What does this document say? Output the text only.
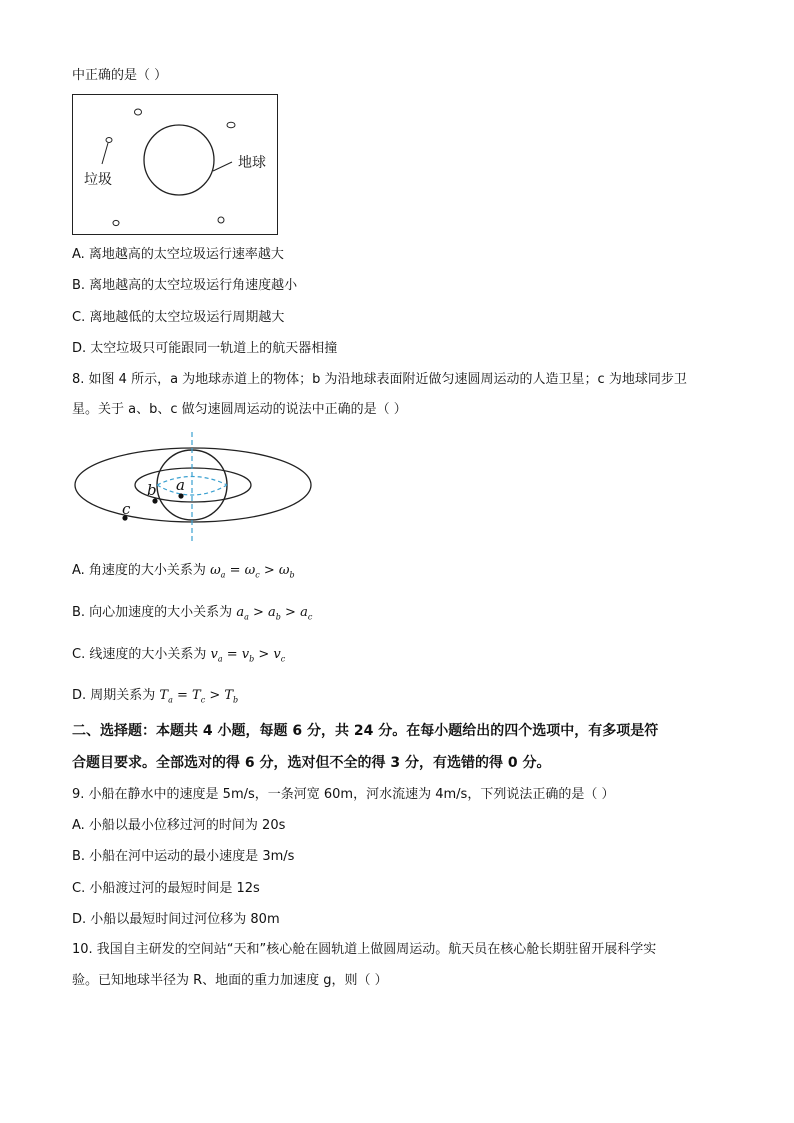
中正确的是（ ）
垃圾
地球
A. 离地越高的太空垃圾运行速率越大
B. 离地越高的太空垃圾运行角速度越小
C. 离地越低的太空垃圾运行周期越大
D. 太空垃圾只可能跟同一轨道上的航天器相撞
8. 如图 4 所示，a 为地球赤道上的物体；b 为沿地球表面附近做匀速圆周运动的人造卫星；c 为地球同步卫
星。关于 a、b、c 做匀速圆周运动的说法中正确的是（ ）
a
b
c
A. 角速度的大小关系为 $\omega_a = \omega_c > \omega_b$
B. 向心加速度的大小关系为 $a_a > a_b > a_c$
C. 线速度的大小关系为 $v_a = v_b > v_c$
D. 周期关系为 $T_a = T_c > T_b$
二、选择题：本题共 4 小题，每题 6 分，共 24 分。在每小题给出的四个选项中，有多项是符
合题目要求。全部选对的得 6 分，选对但不全的得 3 分，有选错的得 0 分。
9. 小船在静水中的速度是 5m/s，一条河宽 60m，河水流速为 4m/s，下列说法正确的是（ ）
A. 小船以最小位移过河的时间为 20s
B. 小船在河中运动的最小速度是 3m/s
C. 小船渡过河的最短时间是 12s
D. 小船以最短时间过河位移为 80m
10. 我国自主研发的空间站“天和”核心舱在圆轨道上做圆周运动。航天员在核心舱长期驻留开展科学实
验。已知地球半径为 R、地面的重力加速度 g，则（ ）
